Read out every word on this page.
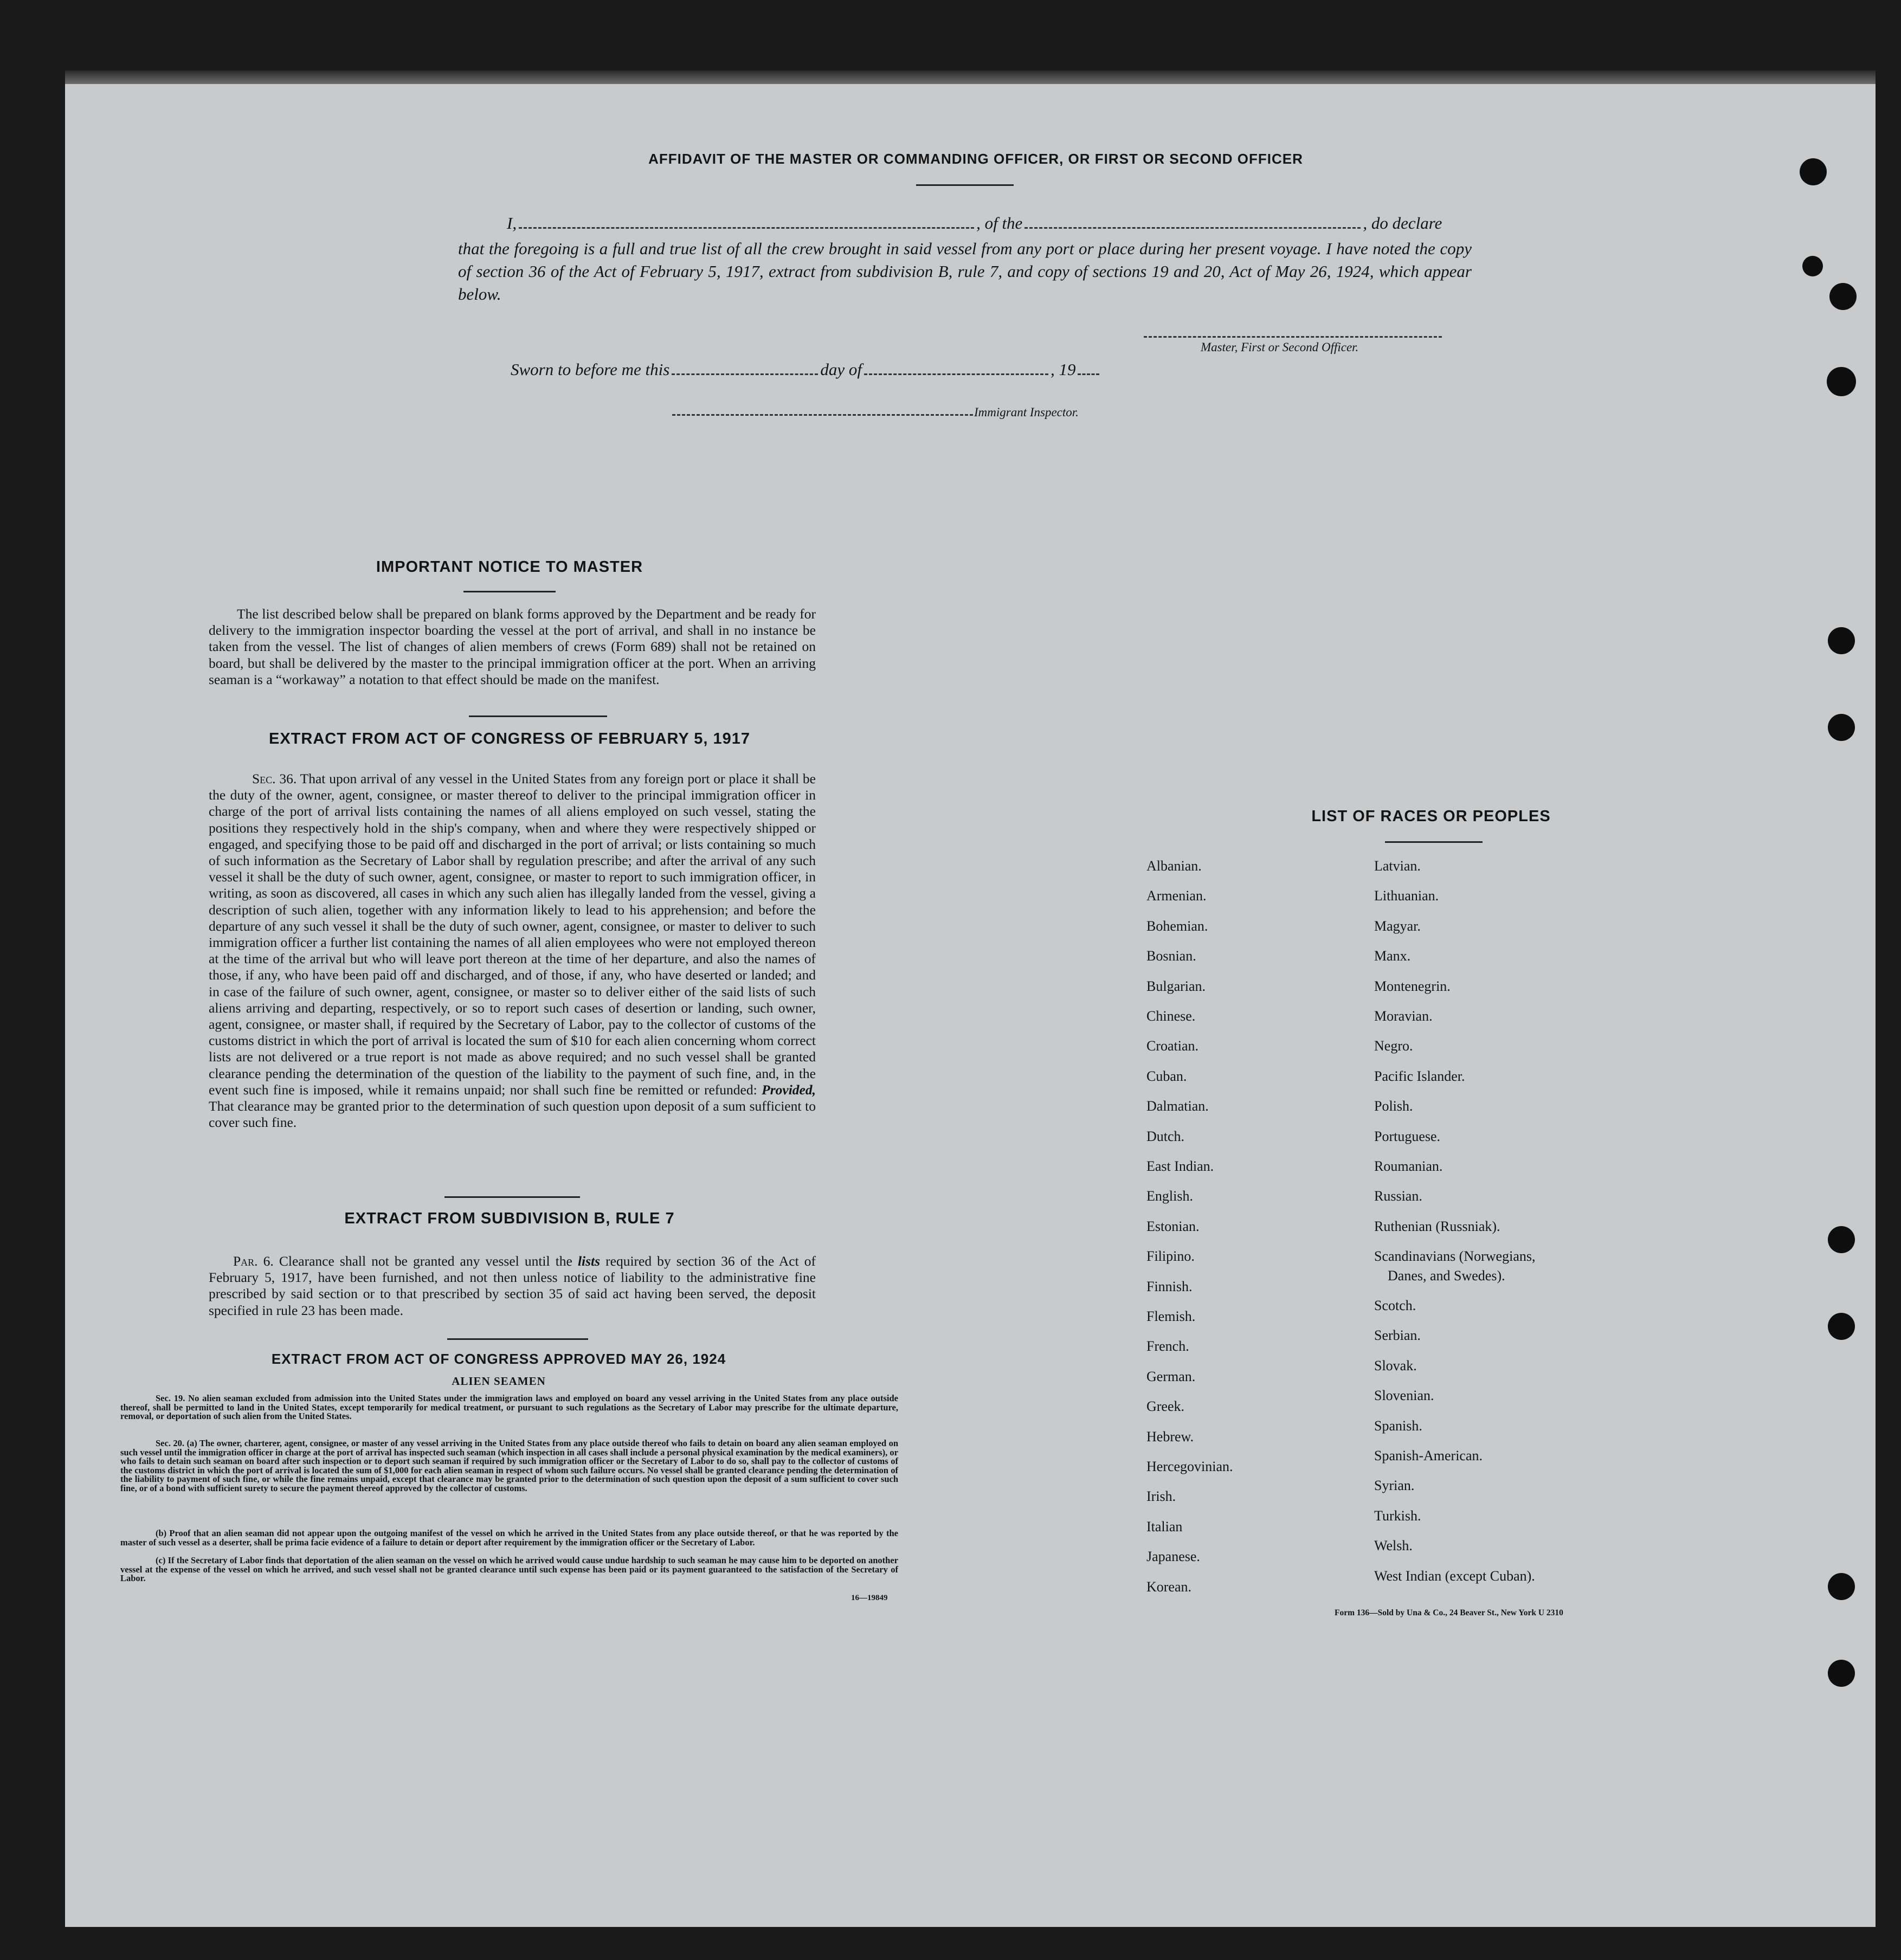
AFFIDAVIT OF THE MASTER OR COMMANDING OFFICER, OR FIRST OR SECOND OFFICER
I,	, of the	, do declare
that the foregoing is a full and true list of all the crew brought in said vessel from any port or place during her present voyage. I have noted the copy of section 36 of the Act of February 5, 1917, extract from subdivision B, rule 7, and copy of sections 19 and 20, Act of May 26, 1924, which appear below.
Master, First or Second Officer.
Sworn to before me this	day of	, 19
Immigrant Inspector.
IMPORTANT NOTICE TO MASTER
The list described below shall be prepared on blank forms approved by the Department and be ready for delivery to the immigration inspector boarding the vessel at the port of arrival, and shall in no instance be taken from the vessel. The list of changes of alien members of crews (Form 689) shall not be retained on board, but shall be delivered by the master to the principal immigration officer at the port. When an arriving seaman is a “workaway” a notation to that effect should be made on the manifest.
EXTRACT FROM ACT OF CONGRESS OF FEBRUARY 5, 1917
Sec. 36. That upon arrival of any vessel in the United States from any foreign port or place it shall be the duty of the owner, agent, consignee, or master thereof to deliver to the principal immigration officer in charge of the port of arrival lists containing the names of all aliens employed on such vessel, stating the positions they respectively hold in the ship's company, when and where they were respectively shipped or engaged, and specifying those to be paid off and discharged in the port of arrival; or lists containing so much of such information as the Secretary of Labor shall by regulation prescribe; and after the arrival of any such vessel it shall be the duty of such owner, agent, consignee, or master to report to such immigration officer, in writing, as soon as discovered, all cases in which any such alien has illegally landed from the vessel, giving a description of such alien, together with any information likely to lead to his apprehension; and before the departure of any such vessel it shall be the duty of such owner, agent, consignee, or master to deliver to such immigration officer a further list containing the names of all alien employees who were not employed thereon at the time of the arrival but who will leave port thereon at the time of her departure, and also the names of those, if any, who have been paid off and discharged, and of those, if any, who have deserted or landed; and in case of the failure of such owner, agent, consignee, or master so to deliver either of the said lists of such aliens arriving and departing, respectively, or so to report such cases of desertion or landing, such owner, agent, consignee, or master shall, if required by the Secretary of Labor, pay to the collector of customs of the customs district in which the port of arrival is located the sum of $10 for each alien concerning whom correct lists are not delivered or a true report is not made as above required; and no such vessel shall be granted clearance pending the determination of the question of the liability to the payment of such fine, and, in the event such fine is imposed, while it remains unpaid; nor shall such fine be remitted or refunded: Provided, That clearance may be granted prior to the determination of such question upon deposit of a sum sufficient to cover such fine.
EXTRACT FROM SUBDIVISION B, RULE 7
Par. 6. Clearance shall not be granted any vessel until the lists required by section 36 of the Act of February 5, 1917, have been furnished, and not then unless notice of liability to the administrative fine prescribed by said section or to that prescribed by section 35 of said act having been served, the deposit specified in rule 23 has been made.
EXTRACT FROM ACT OF CONGRESS APPROVED MAY 26, 1924
ALIEN SEAMEN
Sec. 19. No alien seaman excluded from admission into the United States under the immigration laws and employed on board any vessel arriving in the United States from any place outside thereof, shall be permitted to land in the United States, except temporarily for medical treatment, or pursuant to such regulations as the Secretary of Labor may prescribe for the ultimate departure, removal, or deportation of such alien from the United States.
Sec. 20. (a) The owner, charterer, agent, consignee, or master of any vessel arriving in the United States from any place outside thereof who fails to detain on board any alien seaman employed on such vessel until the immigration officer in charge at the port of arrival has inspected such seaman (which inspection in all cases shall include a personal physical examination by the medical examiners), or who fails to detain such seaman on board after such inspection or to deport such seaman if required by such immigration officer or the Secretary of Labor to do so, shall pay to the collector of customs of the customs district in which the port of arrival is located the sum of $1,000 for each alien seaman in respect of whom such failure occurs. No vessel shall be granted clearance pending the determination of the liability to payment of such fine, or while the fine remains unpaid, except that clearance may be granted prior to the determination of such question upon the deposit of a sum sufficient to cover such fine, or of a bond with sufficient surety to secure the payment thereof approved by the collector of customs.
(b) Proof that an alien seaman did not appear upon the outgoing manifest of the vessel on which he arrived in the United States from any place outside thereof, or that he was reported by the master of such vessel as a deserter, shall be prima facie evidence of a failure to detain or deport after requirement by the immigration officer or the Secretary of Labor.
(c) If the Secretary of Labor finds that deportation of the alien seaman on the vessel on which he arrived would cause undue hardship to such seaman he may cause him to be deported on another vessel at the expense of the vessel on which he arrived, and such vessel shall not be granted clearance until such expense has been paid or its payment guaranteed to the satisfaction of the Secretary of Labor.
16—19849
LIST OF RACES OR PEOPLES
Albanian.
Armenian.
Bohemian.
Bosnian.
Bulgarian.
Chinese.
Croatian.
Cuban.
Dalmatian.
Dutch.
East Indian.
English.
Estonian.
Filipino.
Finnish.
Flemish.
French.
German.
Greek.
Hebrew.
Hercegovinian.
Irish.
Italian
Japanese.
Korean.
Latvian.
Lithuanian.
Magyar.
Manx.
Montenegrin.
Moravian.
Negro.
Pacific Islander.
Polish.
Portuguese.
Roumanian.
Russian.
Ruthenian (Russniak).
Scandinavians (Norwegians,
Danes, and Swedes).
Scotch.
Serbian.
Slovak.
Slovenian.
Spanish.
Spanish-American.
Syrian.
Turkish.
Welsh.
West Indian (except Cuban).
Form 136—Sold by Una & Co., 24 Beaver St., New York U 2310
